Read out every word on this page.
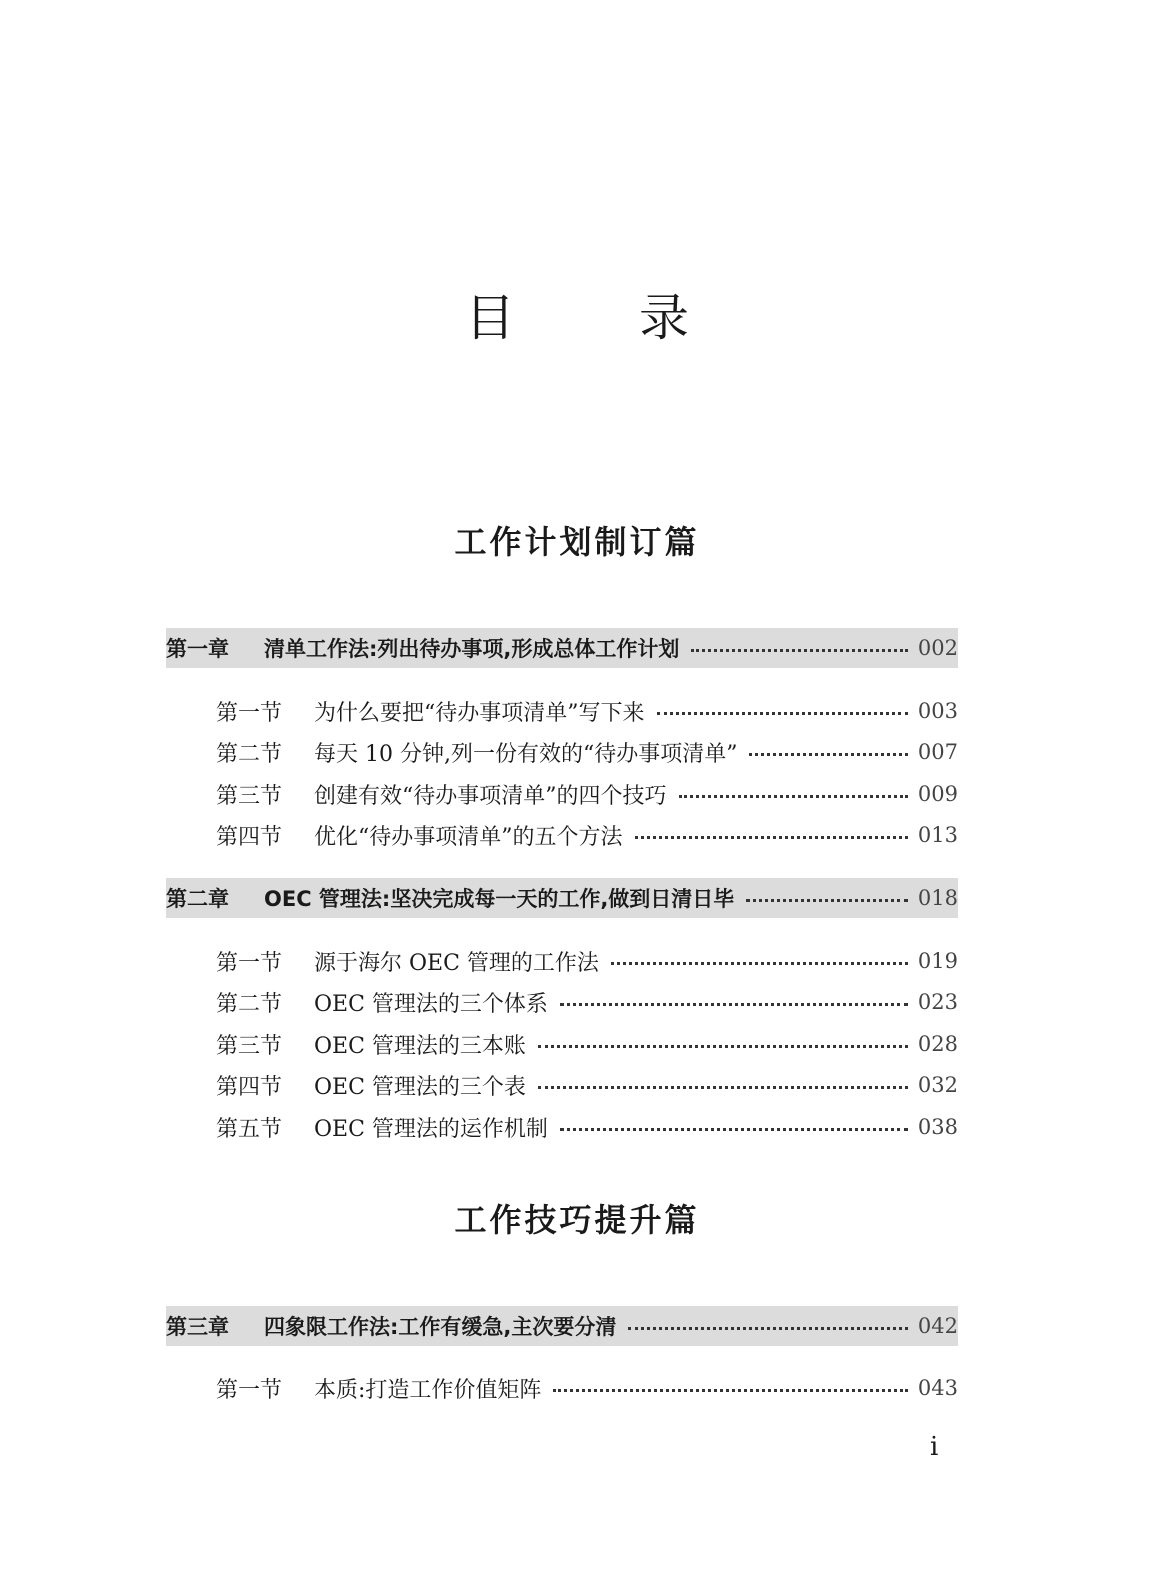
目 录
工作计划制订篇
第一章	清单工作法:列出待办事项,形成总体工作计划	002
第一节	为什么要把“待办事项清单”写下来	003
第二节	每天 10 分钟,列一份有效的“待办事项清单”	007
第三节	创建有效“待办事项清单”的四个技巧	009
第四节	优化“待办事项清单”的五个方法	013
第二章	OEC 管理法:坚决完成每一天的工作,做到日清日毕	018
第一节	源于海尔 OEC 管理的工作法	019
第二节	OEC 管理法的三个体系	023
第三节	OEC 管理法的三本账	028
第四节	OEC 管理法的三个表	032
第五节	OEC 管理法的运作机制	038
工作技巧提升篇
第三章	四象限工作法:工作有缓急,主次要分清	042
第一节	本质:打造工作价值矩阵	043
i
